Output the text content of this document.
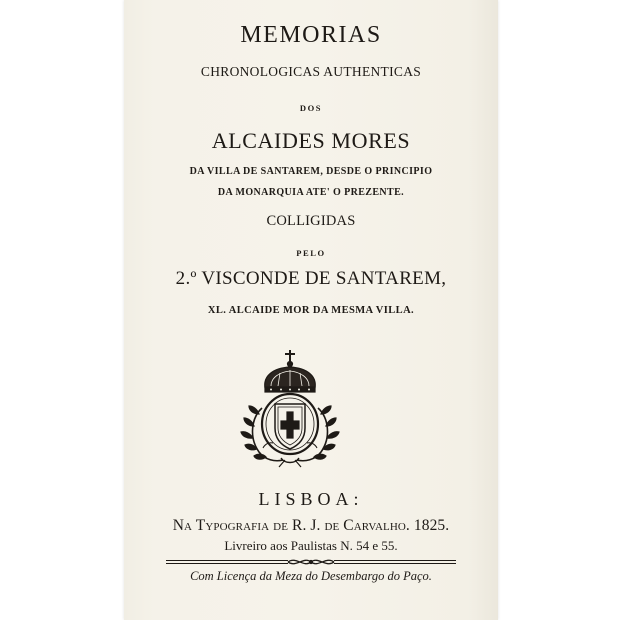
MEMORIAS
CHRONOLOGICAS AUTHENTICAS
DOS
ALCAIDES MORES
DA VILLA DE SANTAREM, DESDE O PRINCIPIO
DA MONARQUIA ATE' O PREZENTE.
COLLIGIDAS
PELO
2.º VISCONDE DE SANTAREM,
XL. ALCAIDE MOR DA MESMA VILLA.
LISBOA:
Na Typografia de R. J. de Carvalho. 1825.
Livreiro aos Paulistas N. 54 e 55.
Com Licença da Meza do Desembargo do Paço.
